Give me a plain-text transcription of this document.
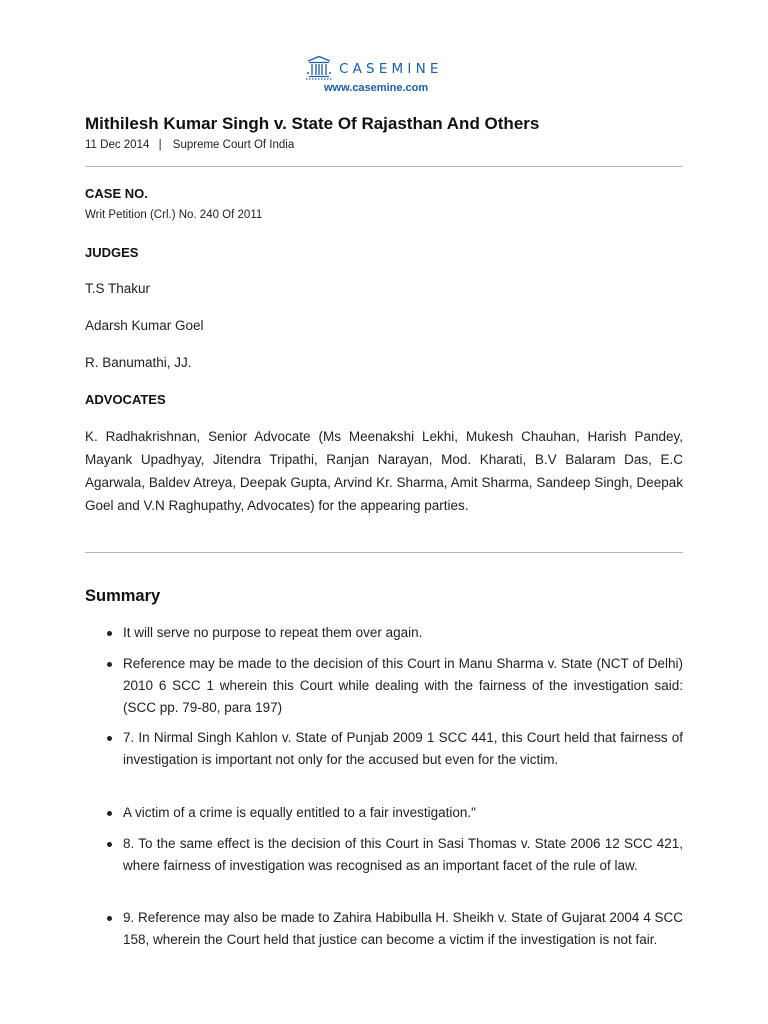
CASEMINE
www.casemine.com
Mithilesh Kumar Singh v. State Of Rajasthan And Others
11 Dec 2014 | Supreme Court Of India
CASE NO.
Writ Petition (Crl.) No. 240 Of 2011
JUDGES
T.S Thakur
Adarsh Kumar Goel
R. Banumathi, JJ.
ADVOCATES

K. Radhakrishnan, Senior Advocate (Ms Meenakshi Lekhi, Mukesh Chauhan, Harish Pandey, Mayank Upadhyay, Jitendra Tripathi, Ranjan Narayan, Mod. Kharati, B.V Balaram Das, E.C Agarwala, Baldev Atreya, Deepak Gupta, Arvind Kr. Sharma, Amit Sharma, Sandeep Singh, Deepak Goel and V.N Raghupathy, Advocates) for the appearing parties.

Summary
It will serve no purpose to repeat them over again.
Reference may be made to the decision of this Court in Manu Sharma v. State (NCT of Delhi) 2010 6 SCC 1 wherein this Court while dealing with the fairness of the investigation said: (SCC pp. 79-80, para 197)
7. In Nirmal Singh Kahlon v. State of Punjab 2009 1 SCC 441, this Court held that fairness of investigation is important not only for the accused but even for the victim.
A victim of a crime is equally entitled to a fair investigation."
8. To the same effect is the decision of this Court in Sasi Thomas v. State 2006 12 SCC 421, where fairness of investigation was recognised as an important facet of the rule of law.
9. Reference may also be made to Zahira Habibulla H. Sheikh v. State of Gujarat 2004 4 SCC 158, wherein the Court held that justice can become a victim if the investigation is not fair.
